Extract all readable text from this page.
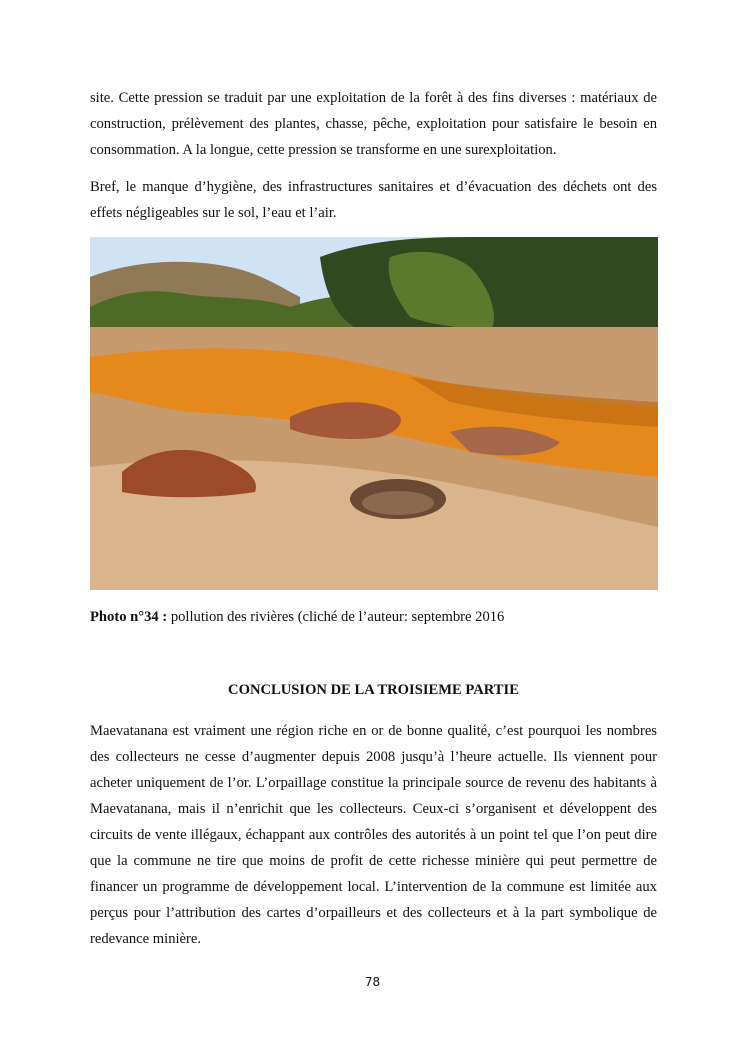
site. Cette pression se traduit par une exploitation de la forêt à des fins diverses : matériaux de construction, prélèvement des plantes, chasse, pêche, exploitation pour satisfaire le besoin en consommation. A la longue, cette pression se transforme en une surexploitation.

Bref, le manque d’hygiène, des infrastructures sanitaires et d’évacuation des déchets ont des effets négligeables sur le sol, l’eau et l’air.

Photo n°34 : pollution des rivières (cliché de l’auteur: septembre 2016

CONCLUSION DE LA TROISIEME PARTIE

Maevatanana est vraiment une région riche en or de bonne qualité, c’est pourquoi les nombres des collecteurs ne cesse d’augmenter depuis 2008 jusqu’à l’heure actuelle. Ils viennent pour acheter uniquement de l’or. L’orpaillage constitue la principale source de revenu des habitants à Maevatanana, mais il n’enrichit que les collecteurs. Ceux-ci s’organisent et développent des circuits de vente illégaux, échappant aux contrôles des autorités à un point tel que l’on peut dire que la commune ne tire que moins de profit de cette richesse minière qui peut permettre de financer un programme de développement local. L’intervention de la commune est limitée aux perçus pour l’attribution des cartes d’orpailleurs et des collecteurs et à la part symbolique de redevance minière.

78
